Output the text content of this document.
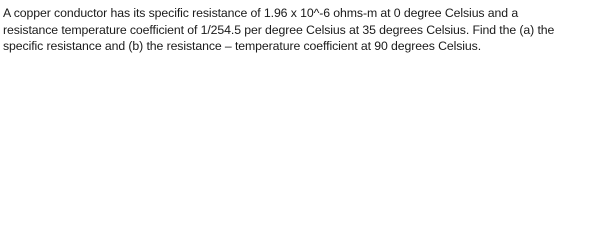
A copper conductor has its specific resistance of 1.96 x 10^-6 ohms-m at 0 degree Celsius and a
resistance temperature coefficient of 1/254.5 per degree Celsius at 35 degrees Celsius. Find the (a) the
specific resistance and (b) the resistance – temperature coefficient at 90 degrees Celsius.
